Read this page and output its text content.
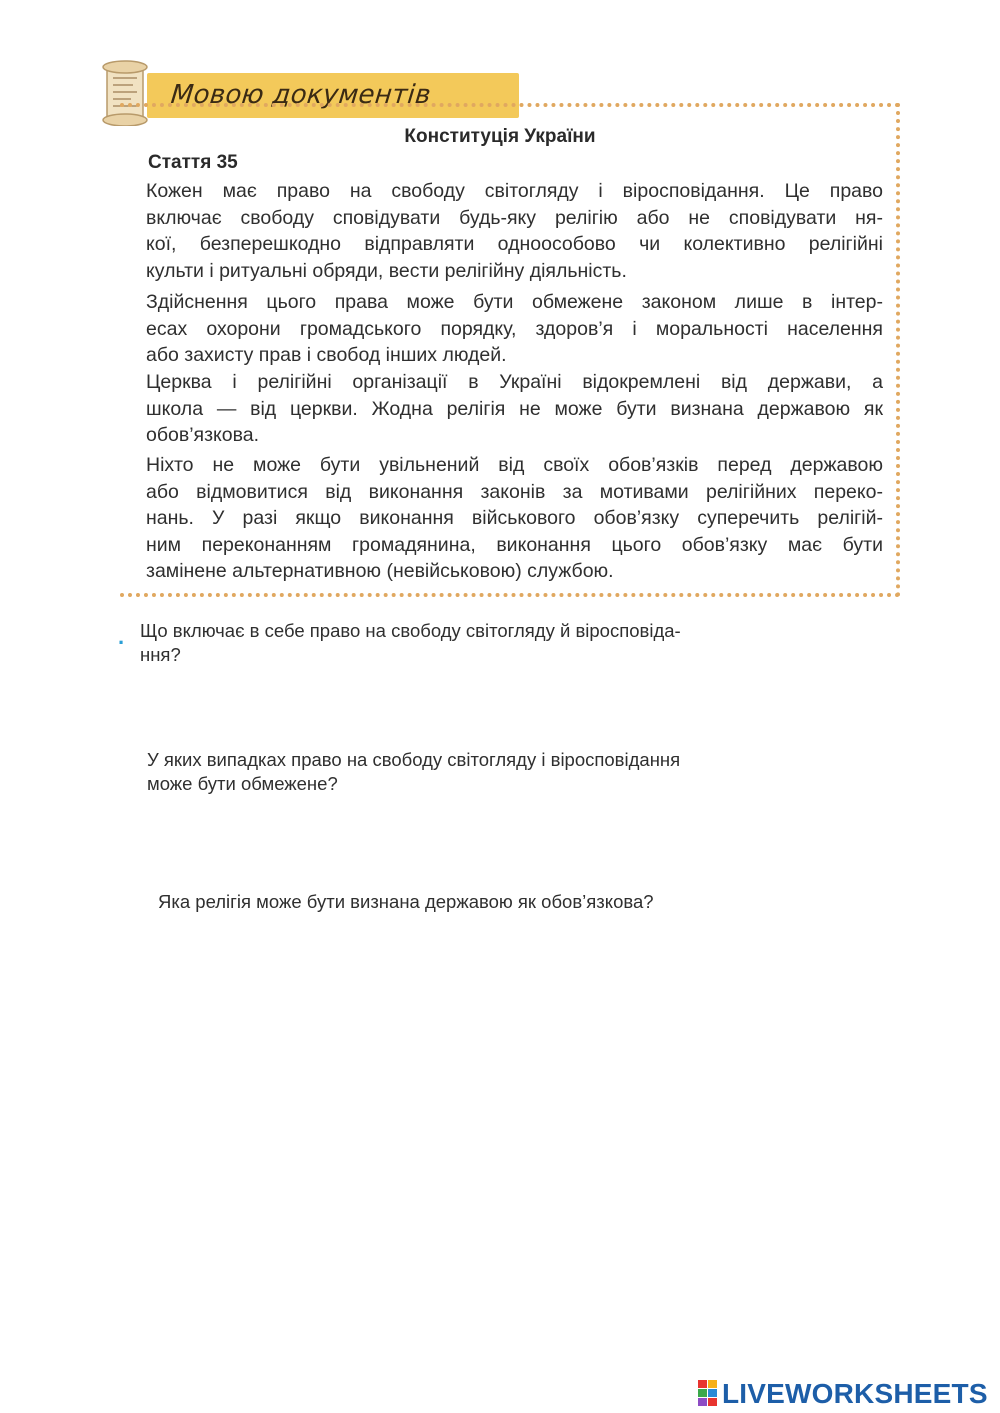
Мовою документів
Конституція України
Стаття 35
Кожен має право на свободу світогляду і віросповідання. Це право
включає свободу сповідувати будь-яку релігію або не сповідувати ня-
кої, безперешкодно відправляти одноособово чи колективно релігійні
культи і ритуальні обряди, вести релігійну діяльність.
Здійснення цього права може бути обмежене законом лише в інтер-
есах охорони громадського порядку, здоров’я і моральності населення
або захисту прав і свобод інших людей.
Церква і релігійні організації в Україні відокремлені від держави, а
школа — від церкви. Жодна релігія не може бути визнана державою як
обов’язкова.
Ніхто не може бути увільнений від своїх обов’язків перед державою
або відмовитися від виконання законів за мотивами релігійних переко-
нань. У разі якщо виконання військового обов’язку суперечить релігій-
ним переконанням громадянина, виконання цього обов’язку має бути
замінене альтернативною (невійськовою) службою.
. Що включає в себе право на свободу світогляду й віросповіда-
ння?
У яких випадках право на свободу світогляду і віросповідання
може бути обмежене?
Яка релігія може бути визнана державою як обов’язкова?
LIVEWORKSHEETS
